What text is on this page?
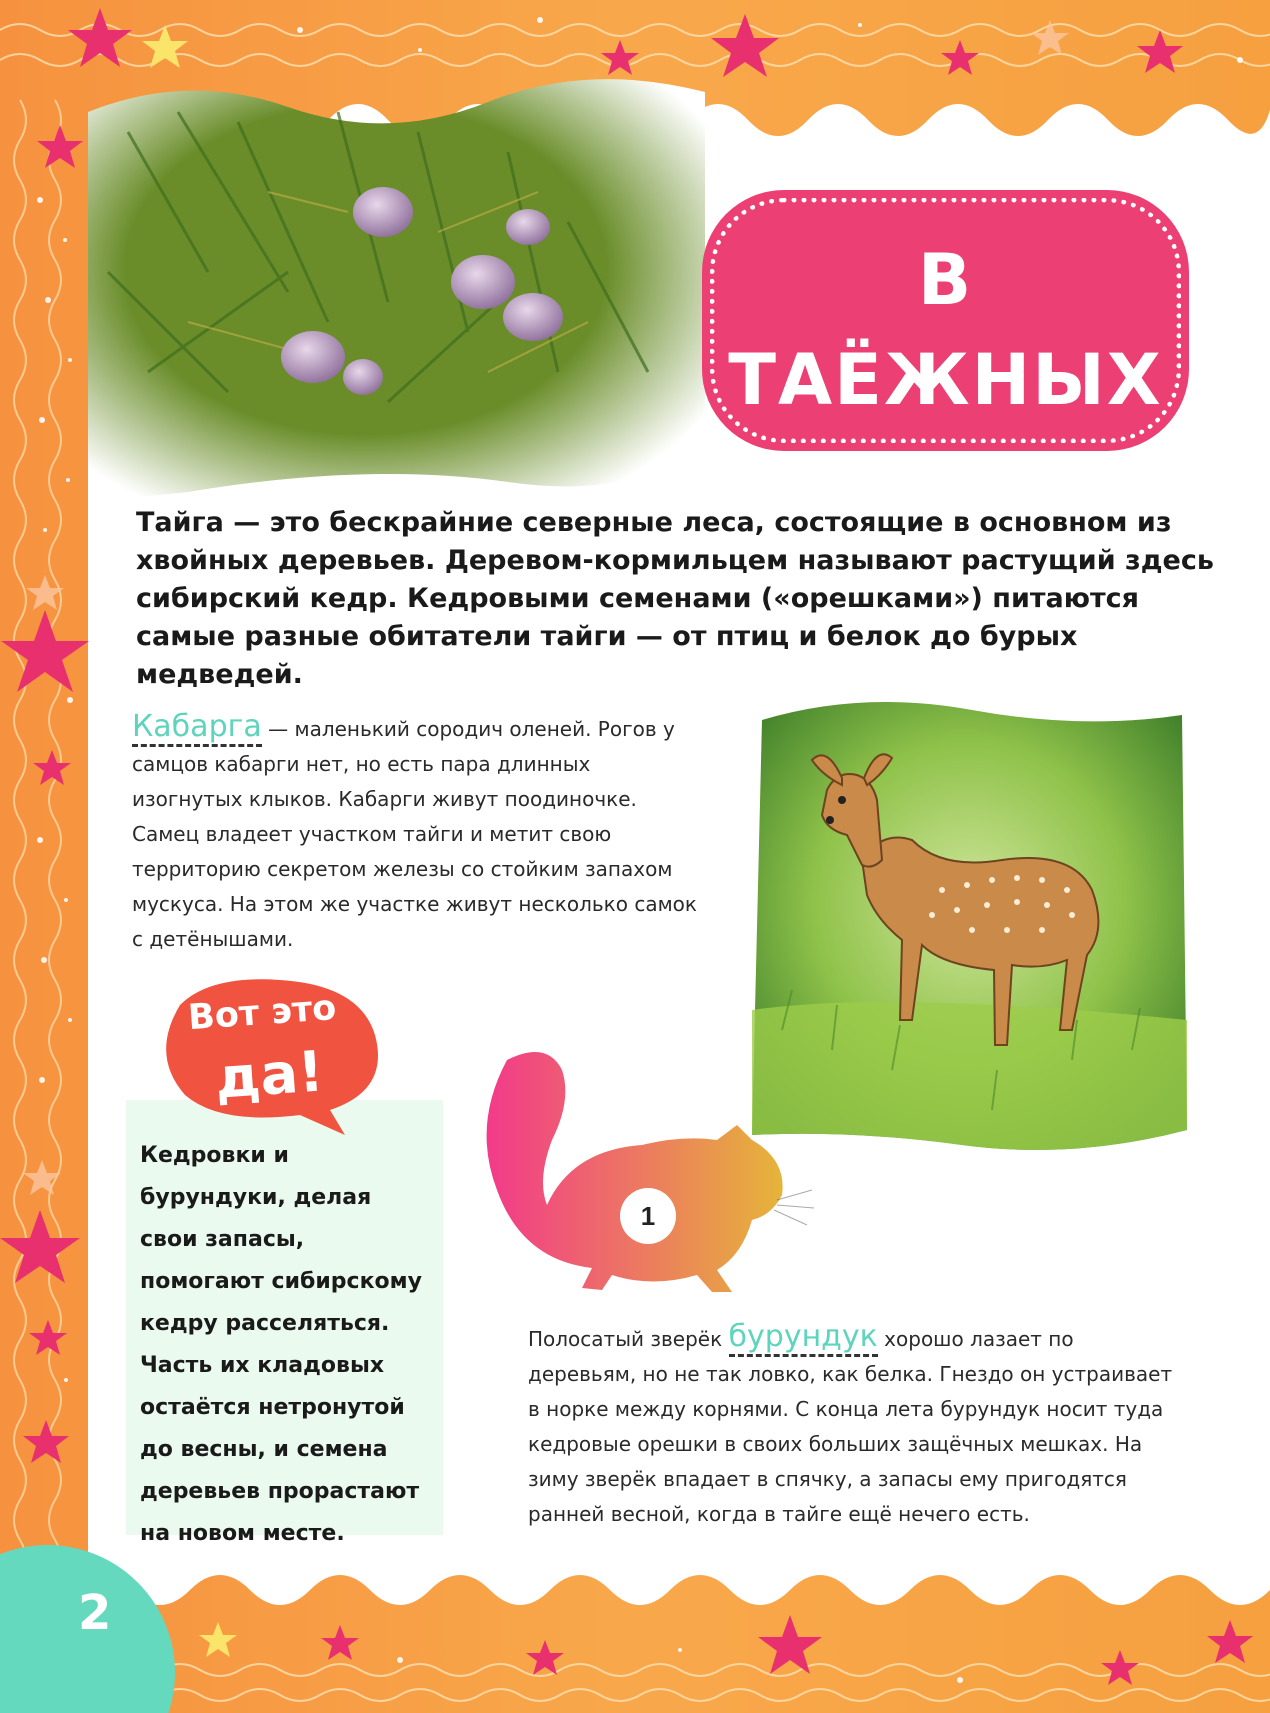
В ТАЁЖНЫХ
ЛЕСАХ

Тайга — это бескрайние северные леса, состоящие в основном из хвойных деревьев. Деревом-кормильцем называют растущий здесь сибирский кедр. Кедровыми семенами («орешками») питаются самые разные обитатели тайги — от птиц и белок до бурых медведей.

Кабарга — маленький сородич оленей. Рогов у самцов кабарги нет, но есть пара длинных изогнутых клыков. Кабарги живут поодиночке. Самец владеет участком тайги и метит свою территорию секретом железы со стойким запахом мускуса. На этом же участке живут несколько самок с детёнышами.

1

Полосатый зверёк бурундук хорошо лазает по деревьям, но не так ловко, как белка. Гнездо он устраивает в норке между корнями. С конца лета бурундук носит туда кедровые орешки в своих больших защёчных мешках. На зиму зверёк впадает в спячку, а запасы ему пригодятся ранней весной, когда в тайге ещё нечего есть.

Кедровки и бурундуки, делая свои запасы, помогают сибирскому кедру расселяться. Часть их кладовых остаётся нетронутой до весны, и семена деревьев прорастают на новом месте.

Вот это
да!
2
